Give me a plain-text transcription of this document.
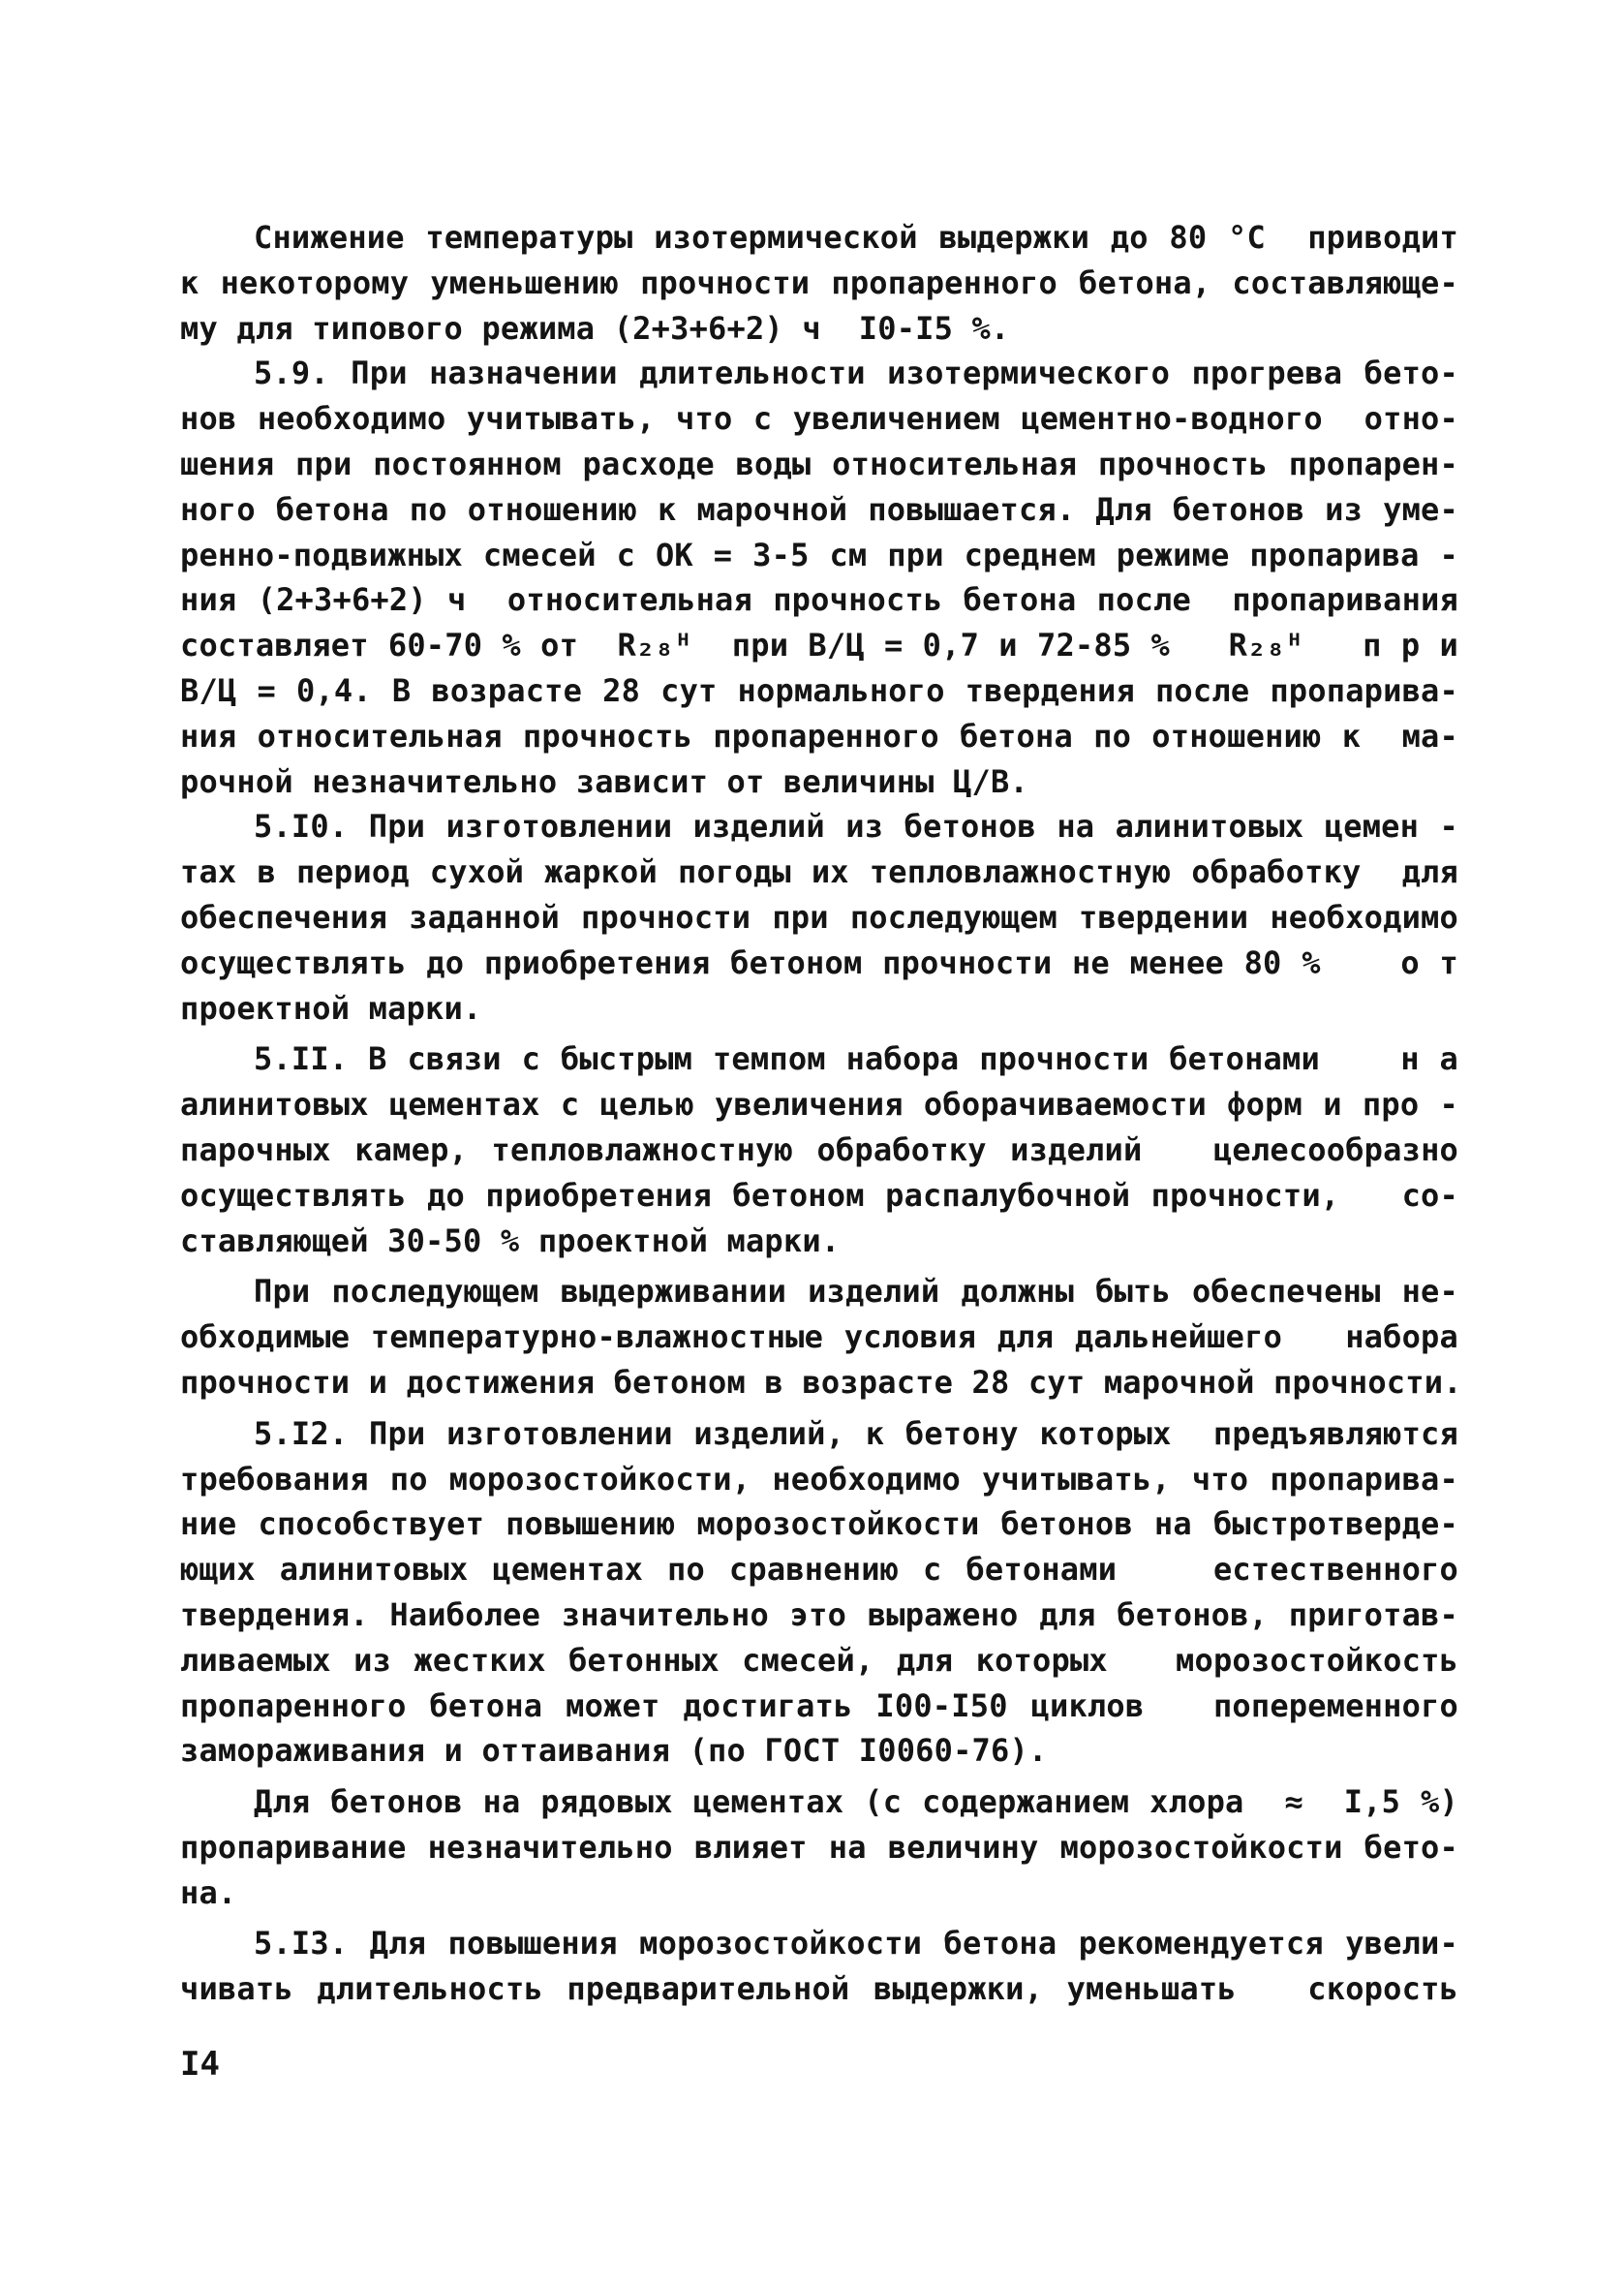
Снижение температуры изотермической выдержки до 80 °С  приводит
к некоторому уменьшению прочности пропаренного бетона, составляюще-
му для типового режима (2+3+6+2) ч  I0-I5 %.
5.9. При назначении длительности изотермического прогрева бето-
нов необходимо учитывать, что с увеличением цементно-водного  отно-
шения при постоянном расходе воды относительная прочность пропарен-
ного бетона по отношению к марочной повышается. Для бетонов из уме-
ренно-подвижных смесей с ОК = 3-5 см при среднем режиме пропарива -
ния (2+3+6+2) ч  относительная прочность бетона после  пропаривания
составляет 60-70 % от  R₂₈ᴴ  при В/Ц = 0,7 и 72-85 %   R₂₈ᴴ   п р и
В/Ц = 0,4. В возрасте 28 сут нормального твердения после пропарива-
ния относительная прочность пропаренного бетона по отношению к  ма-
рочной незначительно зависит от величины Ц/В.
5.I0. При изготовлении изделий из бетонов на алинитовых цемен -
тах в период сухой жаркой погоды их тепловлажностную обработку  для
обеспечения заданной прочности при последующем твердении необходимо
осуществлять до приобретения бетоном прочности не менее 80 %    о т
проектной марки.
5.II. В связи с быстрым темпом набора прочности бетонами    н а
алинитовых цементах с целью увеличения оборачиваемости форм и про -
парочных камер, тепловлажностную обработку изделий   целесообразно
осуществлять до приобретения бетоном распалубочной прочности,   со-
ставляющей 30-50 % проектной марки.
При последующем выдерживании изделий должны быть обеспечены не-
обходимые температурно-влажностные условия для дальнейшего   набора
прочности и достижения бетоном в возрасте 28 сут марочной прочности.
5.I2. При изготовлении изделий, к бетону которых  предъявляются
требования по морозостойкости, необходимо учитывать, что пропарива-
ние способствует повышению морозостойкости бетонов на быстротверде-
ющих алинитовых цементах по сравнению с бетонами    естественного
твердения. Наиболее значительно это выражено для бетонов, приготав-
ливаемых из жестких бетонных смесей, для которых   морозостойкость
пропаренного бетона может достигать I00-I50 циклов   попеременного
замораживания и оттаивания (по ГОСТ I0060-76).
Для бетонов на рядовых цементах (с содержанием хлора  ≈  I,5 %)
пропаривание незначительно влияет на величину морозостойкости бето-
на.
5.I3. Для повышения морозостойкости бетона рекомендуется увели-
чивать длительность предварительной выдержки, уменьшать   скорость
I4
